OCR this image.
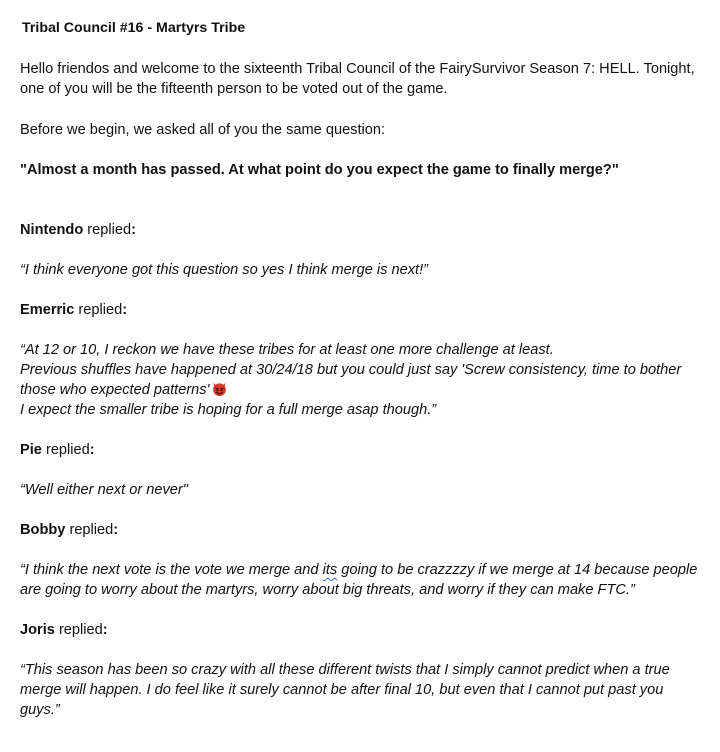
Tribal Council #16 - Martyrs Tribe

Hello friendos and welcome to the sixteenth Tribal Council of the FairySurvivor Season 7: HELL. Tonight, one of you will be the fifteenth person to be voted out of the game.

Before we begin, we asked all of you the same question:

"Almost a month has passed. At what point do you expect the game to finally merge?"

Nintendo replied:

“I think everyone got this question so yes I think merge is next!”

Emerric replied:

“At 12 or 10, I reckon we have these tribes for at least one more challenge at least.
Previous shuffles have happened at 30/24/18 but you could just say 'Screw consistency, time to bother those who expected patterns'
I expect the smaller tribe is hoping for a full merge asap though.”

Pie replied:

“Well either next or never"

Bobby replied:

“I think the next vote is the vote we merge and its going to be crazzzzy if we merge at 14 because people are going to worry about the martyrs, worry about big threats, and worry if they can make FTC.”

Joris replied:

“This season has been so crazy with all these different twists that I simply cannot predict when a true merge will happen. I do feel like it surely cannot be after final 10, but even that I cannot put past you guys.”
